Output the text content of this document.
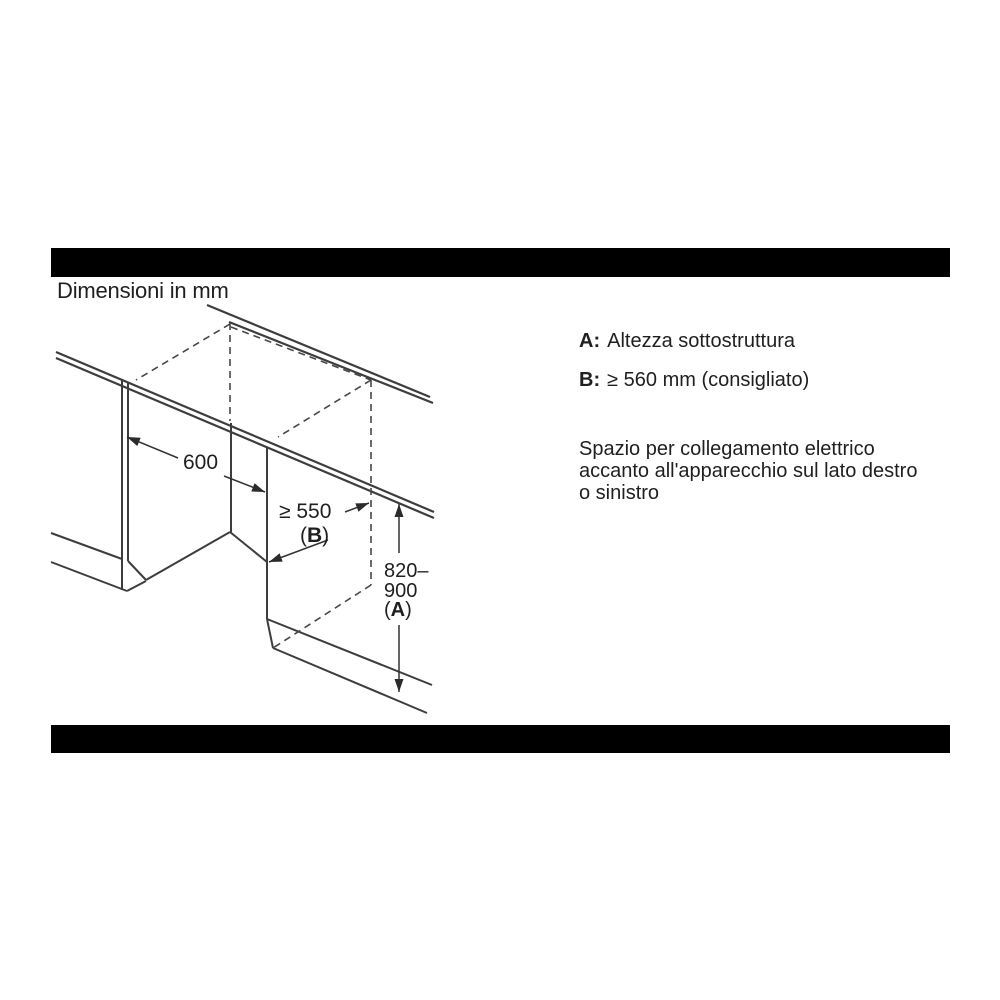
Dimensioni in mm
600
≥ 550
(B)
820–
900
(A)
A: Altezza sottostruttura
B: ≥ 560 mm (consigliato)
Spazio per collegamento elettrico
accanto all'apparecchio sul lato destro
o sinistro
